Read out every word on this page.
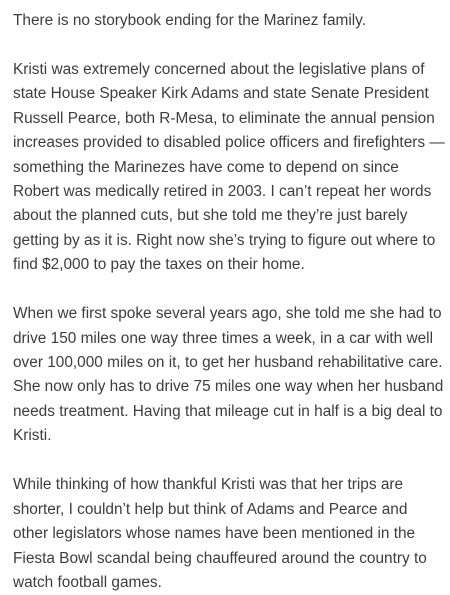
There is no storybook ending for the Marinez family.

Kristi was extremely concerned about the legislative plans of state House Speaker Kirk Adams and state Senate President Russell Pearce, both R-Mesa, to eliminate the annual pension increases provided to disabled police officers and firefighters — something the Marinezes have come to depend on since Robert was medically retired in 2003. I can’t repeat her words about the planned cuts, but she told me they’re just barely getting by as it is. Right now she’s trying to figure out where to find $2,000 to pay the taxes on their home.

When we first spoke several years ago, she told me she had to drive 150 miles one way three times a week, in a car with well over 100,000 miles on it, to get her husband rehabilitative care. She now only has to drive 75 miles one way when her husband needs treatment. Having that mileage cut in half is a big deal to Kristi.

While thinking of how thankful Kristi was that her trips are shorter, I couldn’t help but think of Adams and Pearce and other legislators whose names have been mentioned in the Fiesta Bowl scandal being chauffeured around the country to watch football games.
